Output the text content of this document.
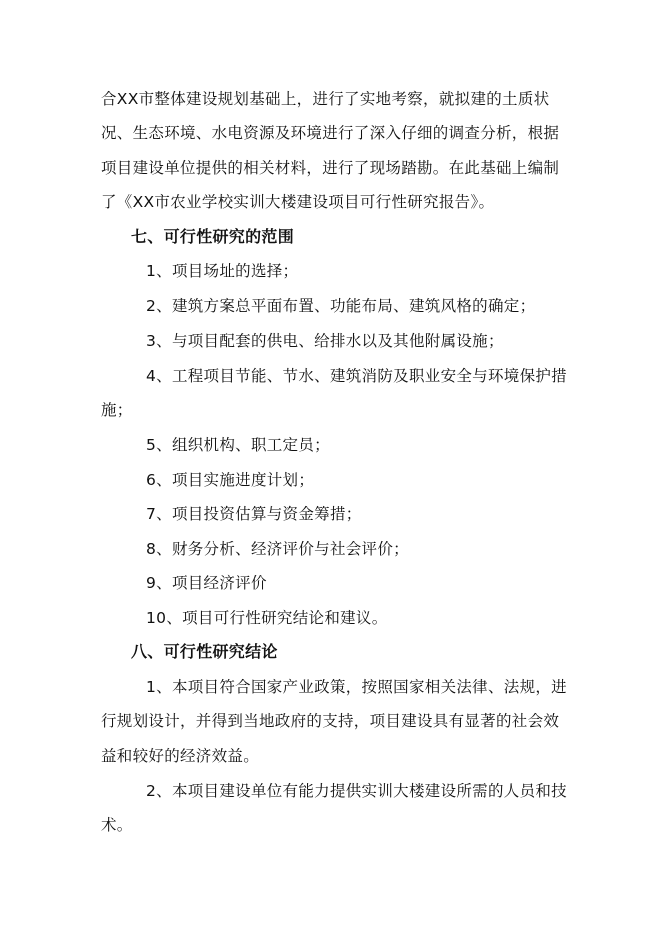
合XX市整体建设规划基础上，进行了实地考察，就拟建的土质状
况、生态环境、水电资源及环境进行了深入仔细的调查分析，根据
项目建设单位提供的相关材料，进行了现场踏勘。在此基础上编制
了《XX市农业学校实训大楼建设项目可行性研究报告》。
七、可行性研究的范围
1、项目场址的选择；
2、建筑方案总平面布置、功能布局、建筑风格的确定；
3、与项目配套的供电、给排水以及其他附属设施；
4、工程项目节能、节水、建筑消防及职业安全与环境保护措
施；
5、组织机构、职工定员；
6、项目实施进度计划；
7、项目投资估算与资金筹措；
8、财务分析、经济评价与社会评价；
9、项目经济评价
10、项目可行性研究结论和建议。
八、可行性研究结论
1、本项目符合国家产业政策，按照国家相关法律、法规，进
行规划设计，并得到当地政府的支持，项目建设具有显著的社会效
益和较好的经济效益。
2、本项目建设单位有能力提供实训大楼建设所需的人员和技
术。
